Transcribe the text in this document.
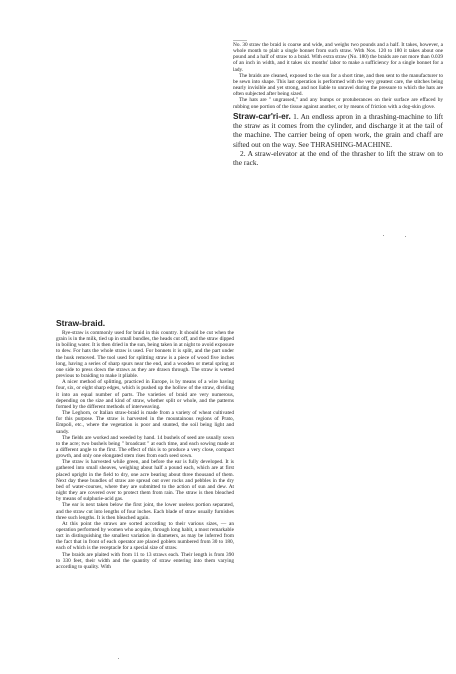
No. 30 straw the braid is coarse and wide, and weighs two pounds and a half. It takes, however, a whole month to plait a single bonnet from such straw. With Nos. 120 to 180 it takes about one pound and a half of straw to a braid. With extra straw (No. 180) the braids are not more than 0.039 of an inch in width, and it takes six months' labor to make a sufficiency for a single bonnet for a lady.

The braids are cleaned, exposed to the sun for a short time, and then sent to the manufacturer to be sewn into shape. This last operation is performed with the very greatest care, the stitches being nearly invisible and yet strong, and not liable to unravel during the pressure to which the hats are often subjected after being sized.

The hats are " ungrassed," and any bumps or protuberances on their surface are effaced by rubbing one portion of the tissue against another, or by means of friction with a dog-skin glove.

Straw-car'ri-er. 1. An endless apron in a thrashing-machine to lift the straw as it comes from the cylinder, and discharge it at the tail of the machine. The carrier being of open work, the grain and chaff are sifted out on the way. See THRASHING-MACHINE.

2. A straw-elevator at the end of the thrasher to lift the straw on to the rack.

Straw-braid.

Rye-straw is commonly used for braid in this country. It should be cut when the grain is in the milk, tied up in small bundles, the heads cut off, and the straw dipped in boiling water. It is then dried in the sun, being taken in at night to avoid exposure to dew. For hats the whole straw is used. For bonnets it is split, and the part under the husk removed. The tool used for splitting straw is a piece of wood five inches long, having a series of sharp spurs near the end, and a wooden or metal spring at one side to press down the straws as they are drawn through. The straw is wetted previous to braiding to make it pliable.

A nicer method of splitting, practiced in Europe, is by means of a wire having four, six, or eight sharp edges, which is pushed up the hollow of the straw, dividing it into an equal number of parts. The varieties of braid are very numerous, depending on the size and kind of straw, whether split or whole, and the patterns formed by the different methods of interweaving.

The Leghorn, or Italian straw-braid is made from a variety of wheat cultivated for this purpose. The straw is harvested in the mountainous regions of Prato, Empoli, etc., where the vegetation is poor and stunted, the soil being light and sandy.

The fields are worked and weeded by hand. 14 bushels of seed are usually sown to the acre; two bushels being " broadcast " at each time, and each sowing made at a different angle to the first. The effect of this is to produce a very close, compact growth, and only one elongated stem rises from each seed sown.

The straw is harvested while green, and before the ear is fully developed. It is gathered into small sheaves, weighing about half a pound each, which are at first placed upright in the field to dry, one acre bearing about three thousand of them. Next day these bundles of straw are spread out over rocks and pebbles in the dry bed of water-courses, where they are submitted to the action of sun and dew. At night they are covered over to protect them from rain. The straw is then bleached by means of sulphurie-acid gas.

The ear is next taken below the first joint, the lower useless portion separated, and the straw cut into lengths of four inches. Each blade of straw usually furnishes three such lengths. It is then bleached again.

At this point the straws are sorted according to their various sizes, — an operation performed by women who acquire, through long habit, a most remarkable tact in distinguishing the smallest variation in diameters, as may be inferred from the fact that in front of each operator are placed goblets numbered from 30 to 180, each of which is the receptacle for a special size of straw.

The braids are plaited with from 11 to 13 straws each. Their length is from 390 to 330 feet, their width and the quantity of straw entering into them varying according to quality. With
